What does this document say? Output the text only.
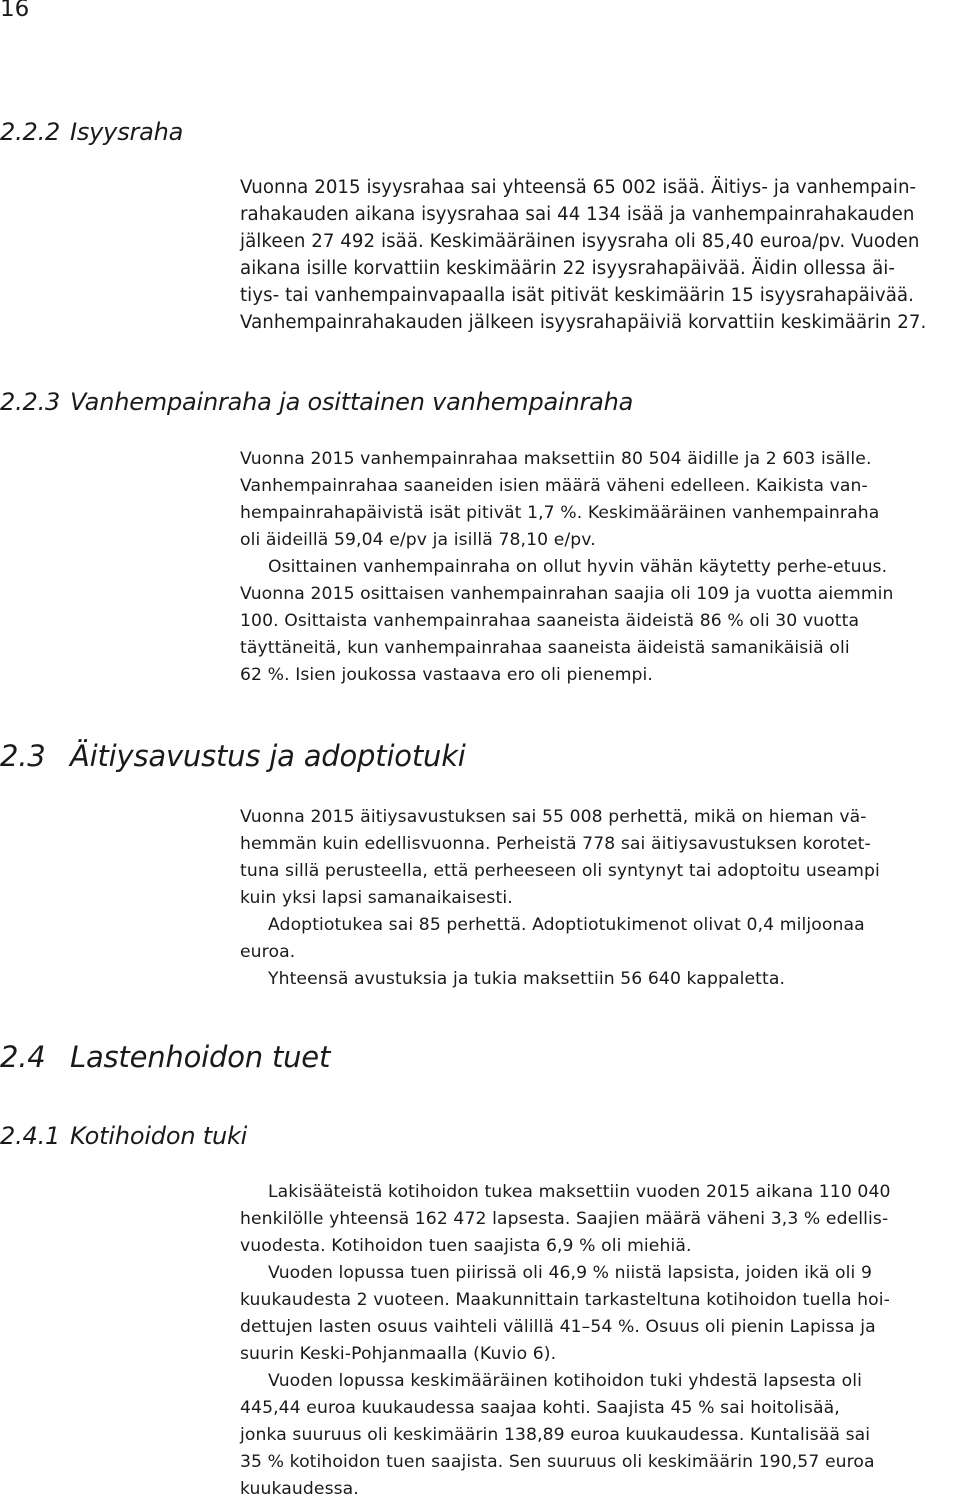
16
2.2.2 Isyysraha
Vuonna 2015 isyysrahaa sai yhteensä 65 002 isää. Äitiys- ja vanhempain-
rahakauden aikana isyysrahaa sai 44 134 isää ja vanhempainrahakauden
jälkeen 27 492 isää. Keskimääräinen isyysraha oli 85,40 euroa/pv. Vuoden
aikana isille korvattiin keskimäärin 22 isyysrahapäivää. Äidin ollessa äi-
tiys- tai vanhempainvapaalla isät pitivät keskimäärin 15 isyysrahapäivää.
Vanhempainrahakauden jälkeen isyysrahapäiviä korvattiin keskimäärin 27.
2.2.3 Vanhempainraha ja osittainen vanhempainraha
Vuonna 2015 vanhempainrahaa maksettiin 80 504 äidille ja 2 603 isälle.
Vanhempainrahaa saaneiden isien määrä väheni edelleen. Kaikista van-
hempainrahapäivistä isät pitivät 1,7 %. Keskimääräinen vanhempainraha
oli äideillä 59,04 e/pv ja isillä 78,10 e/pv.
Osittainen vanhempainraha on ollut hyvin vähän käytetty perhe-etuus.
Vuonna 2015 osittaisen vanhempainrahan saajia oli 109 ja vuotta aiemmin
100. Osittaista vanhempainrahaa saaneista äideistä 86 % oli 30 vuotta
täyttäneitä, kun vanhempainrahaa saaneista äideistä samanikäisiä oli
62 %. Isien joukossa vastaava ero oli pienempi.
2.3 Äitiysavustus ja adoptiotuki
Vuonna 2015 äitiysavustuksen sai 55 008 perhettä, mikä on hieman vä-
hemmän kuin edellisvuonna. Perheistä 778 sai äitiysavustuksen korotet-
tuna sillä perusteella, että perheeseen oli syntynyt tai adoptoitu useampi
kuin yksi lapsi samanaikaisesti.
Adoptiotukea sai 85 perhettä. Adoptiotukimenot olivat 0,4 miljoonaa
euroa.
Yhteensä avustuksia ja tukia maksettiin 56 640 kappaletta.
2.4 Lastenhoidon tuet
2.4.1 Kotihoidon tuki
Lakisääteistä kotihoidon tukea maksettiin vuoden 2015 aikana 110 040
henkilölle yhteensä 162 472 lapsesta. Saajien määrä väheni 3,3 % edellis-
vuodesta. Kotihoidon tuen saajista 6,9 % oli miehiä.
Vuoden lopussa tuen piirissä oli 46,9 % niistä lapsista, joiden ikä oli 9
kuukaudesta 2 vuoteen. Maakunnittain tarkasteltuna kotihoidon tuella hoi-
dettujen lasten osuus vaihteli välillä 41–54 %. Osuus oli pienin Lapissa ja
suurin Keski-Pohjanmaalla (Kuvio 6).
Vuoden lopussa keskimääräinen kotihoidon tuki yhdestä lapsesta oli
445,44 euroa kuukaudessa saajaa kohti. Saajista 45 % sai hoitolisää,
jonka suuruus oli keskimäärin 138,89 euroa kuukaudessa. Kuntalisää sai
35 % kotihoidon tuen saajista. Sen suuruus oli keskimäärin 190,57 euroa
kuukaudessa.
